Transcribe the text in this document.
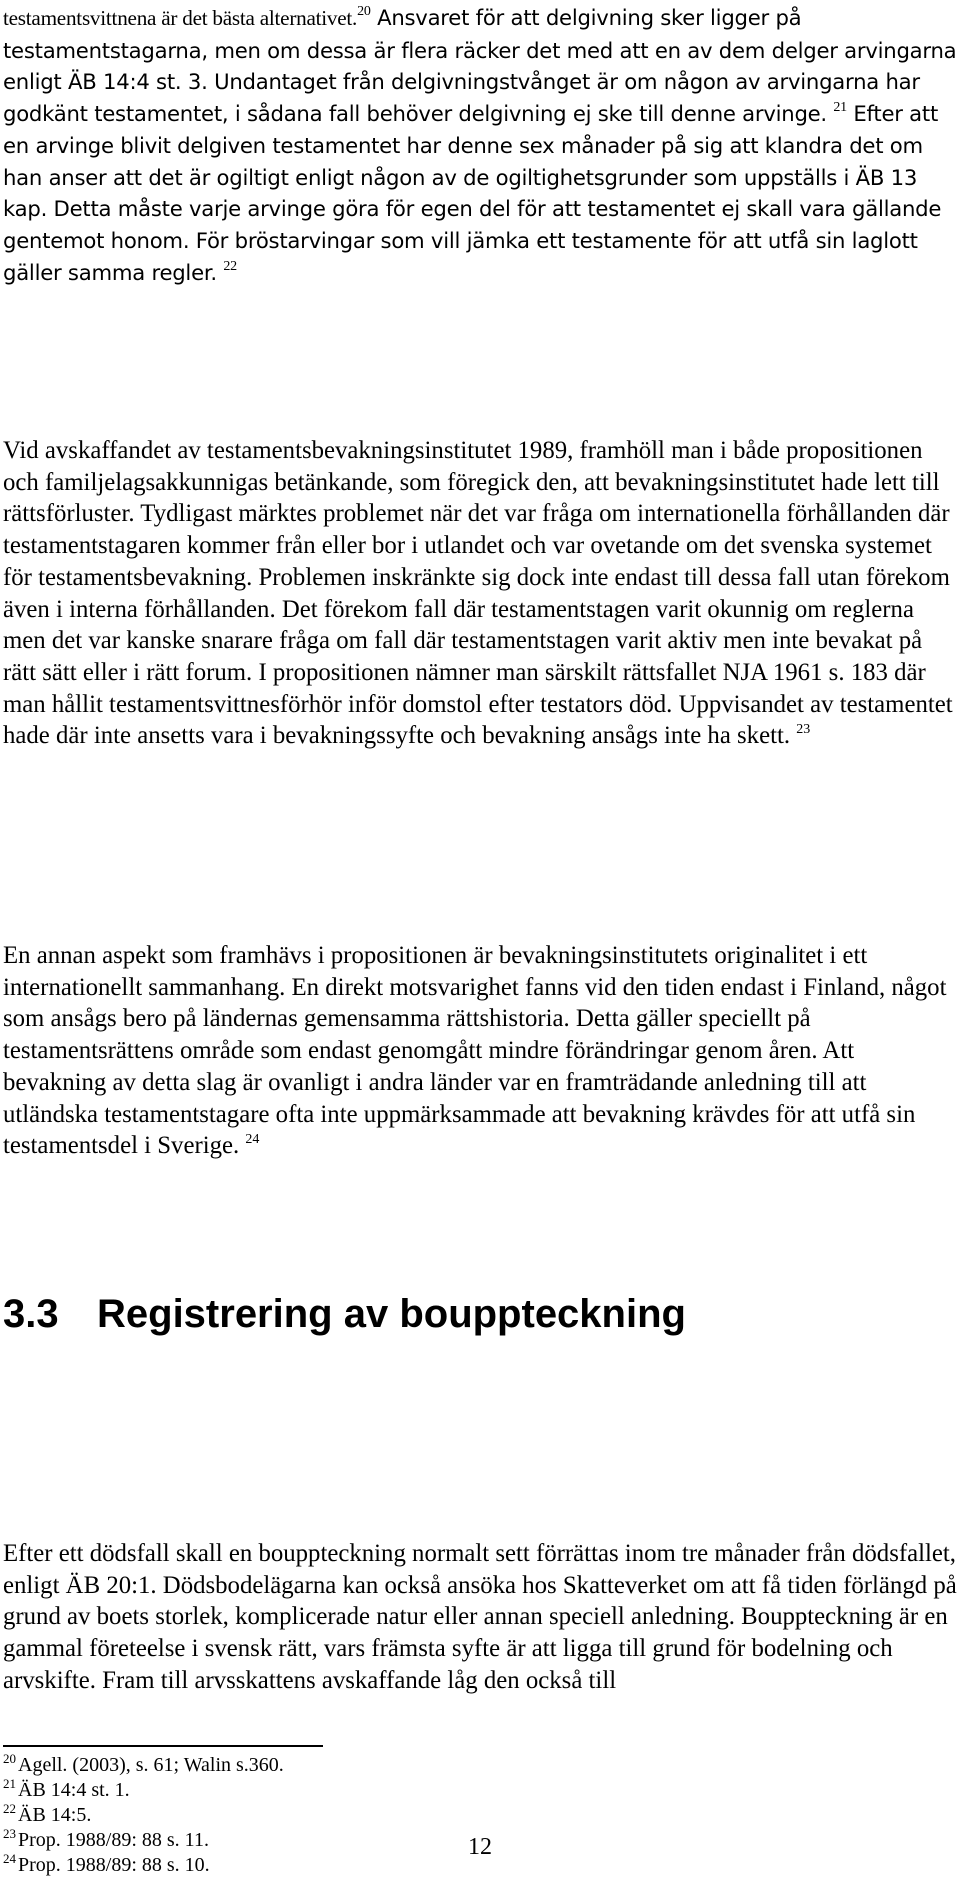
testamentsvittnena är det bästa alternativet.$^{20}$ Ansvaret för att delgivning sker ligger på testamentstagarna, men om dessa är flera räcker det med att en av dem delger arvingarna enligt ÄB 14:4 st. 3. Undantaget från delgivningstvånget är om någon av arvingarna har godkänt testamentet, i sådana fall behöver delgivning ej ske till denne arvinge. $^{21}$ Efter att en arvinge blivit delgiven testamentet har denne sex månader på sig att klandra det om han anser att det är ogiltigt enligt någon av de ogiltighetsgrunder som uppställs i ÄB 13 kap. Detta måste varje arvinge göra för egen del för att testamentet ej skall vara gällande gentemot honom. För bröstarvingar som vill jämka ett testamente för att utfå sin laglott gäller samma regler. $^{22}$

Vid avskaffandet av testamentsbevakningsinstitutet 1989, framhöll man i både propositionen och familjelagsakkunnigas betänkande, som föregick den, att bevakningsinstitutet hade lett till rättsförluster. Tydligast märktes problemet när det var fråga om internationella förhållanden där testamentstagaren kommer från eller bor i utlandet och var ovetande om det svenska systemet för testamentsbevakning. Problemen inskränkte sig dock inte endast till dessa fall utan förekom även i interna förhållanden. Det förekom fall där testamentstagen varit okunnig om reglerna men det var kanske snarare fråga om fall där testamentstagen varit aktiv men inte bevakat på rätt sätt eller i rätt forum. I propositionen nämner man särskilt rättsfallet NJA 1961 s. 183 där man hållit testamentsvittnesförhör inför domstol efter testators död. Uppvisandet av testamentet hade där inte ansetts vara i bevakningssyfte och bevakning ansågs inte ha skett. $^{23}$

En annan aspekt som framhävs i propositionen är bevakningsinstitutets originalitet i ett internationellt sammanhang. En direkt motsvarighet fanns vid den tiden endast i Finland, något som ansågs bero på ländernas gemensamma rättshistoria. Detta gäller speciellt på testamentsrättens område som endast genomgått mindre förändringar genom åren. Att bevakning av detta slag är ovanligt i andra länder var en framträdande anledning till att utländska testamentstagare ofta inte uppmärksammade att bevakning krävdes för att utfå sin testamentsdel i Sverige. $^{24}$

3.3 Registrering av bouppteckning

Efter ett dödsfall skall en bouppteckning normalt sett förrättas inom tre månader från dödsfallet, enligt ÄB 20:1. Dödsbodelägarna kan också ansöka hos Skatteverket om att få tiden förlängd på grund av boets storlek, komplicerade natur eller annan speciell anledning. Bouppteckning är en gammal företeelse i svensk rätt, vars främsta syfte är att ligga till grund för bodelning och arvskifte. Fram till arvsskattens avskaffande låg den också till

$^{20}$ Agell. (2003), s. 61; Walin s.360.
$^{21}$ ÄB 14:4 st. 1.
$^{22}$ ÄB 14:5.
$^{23}$ Prop. 1988/89: 88 s. 11.
$^{24}$ Prop. 1988/89: 88 s. 10.
12
